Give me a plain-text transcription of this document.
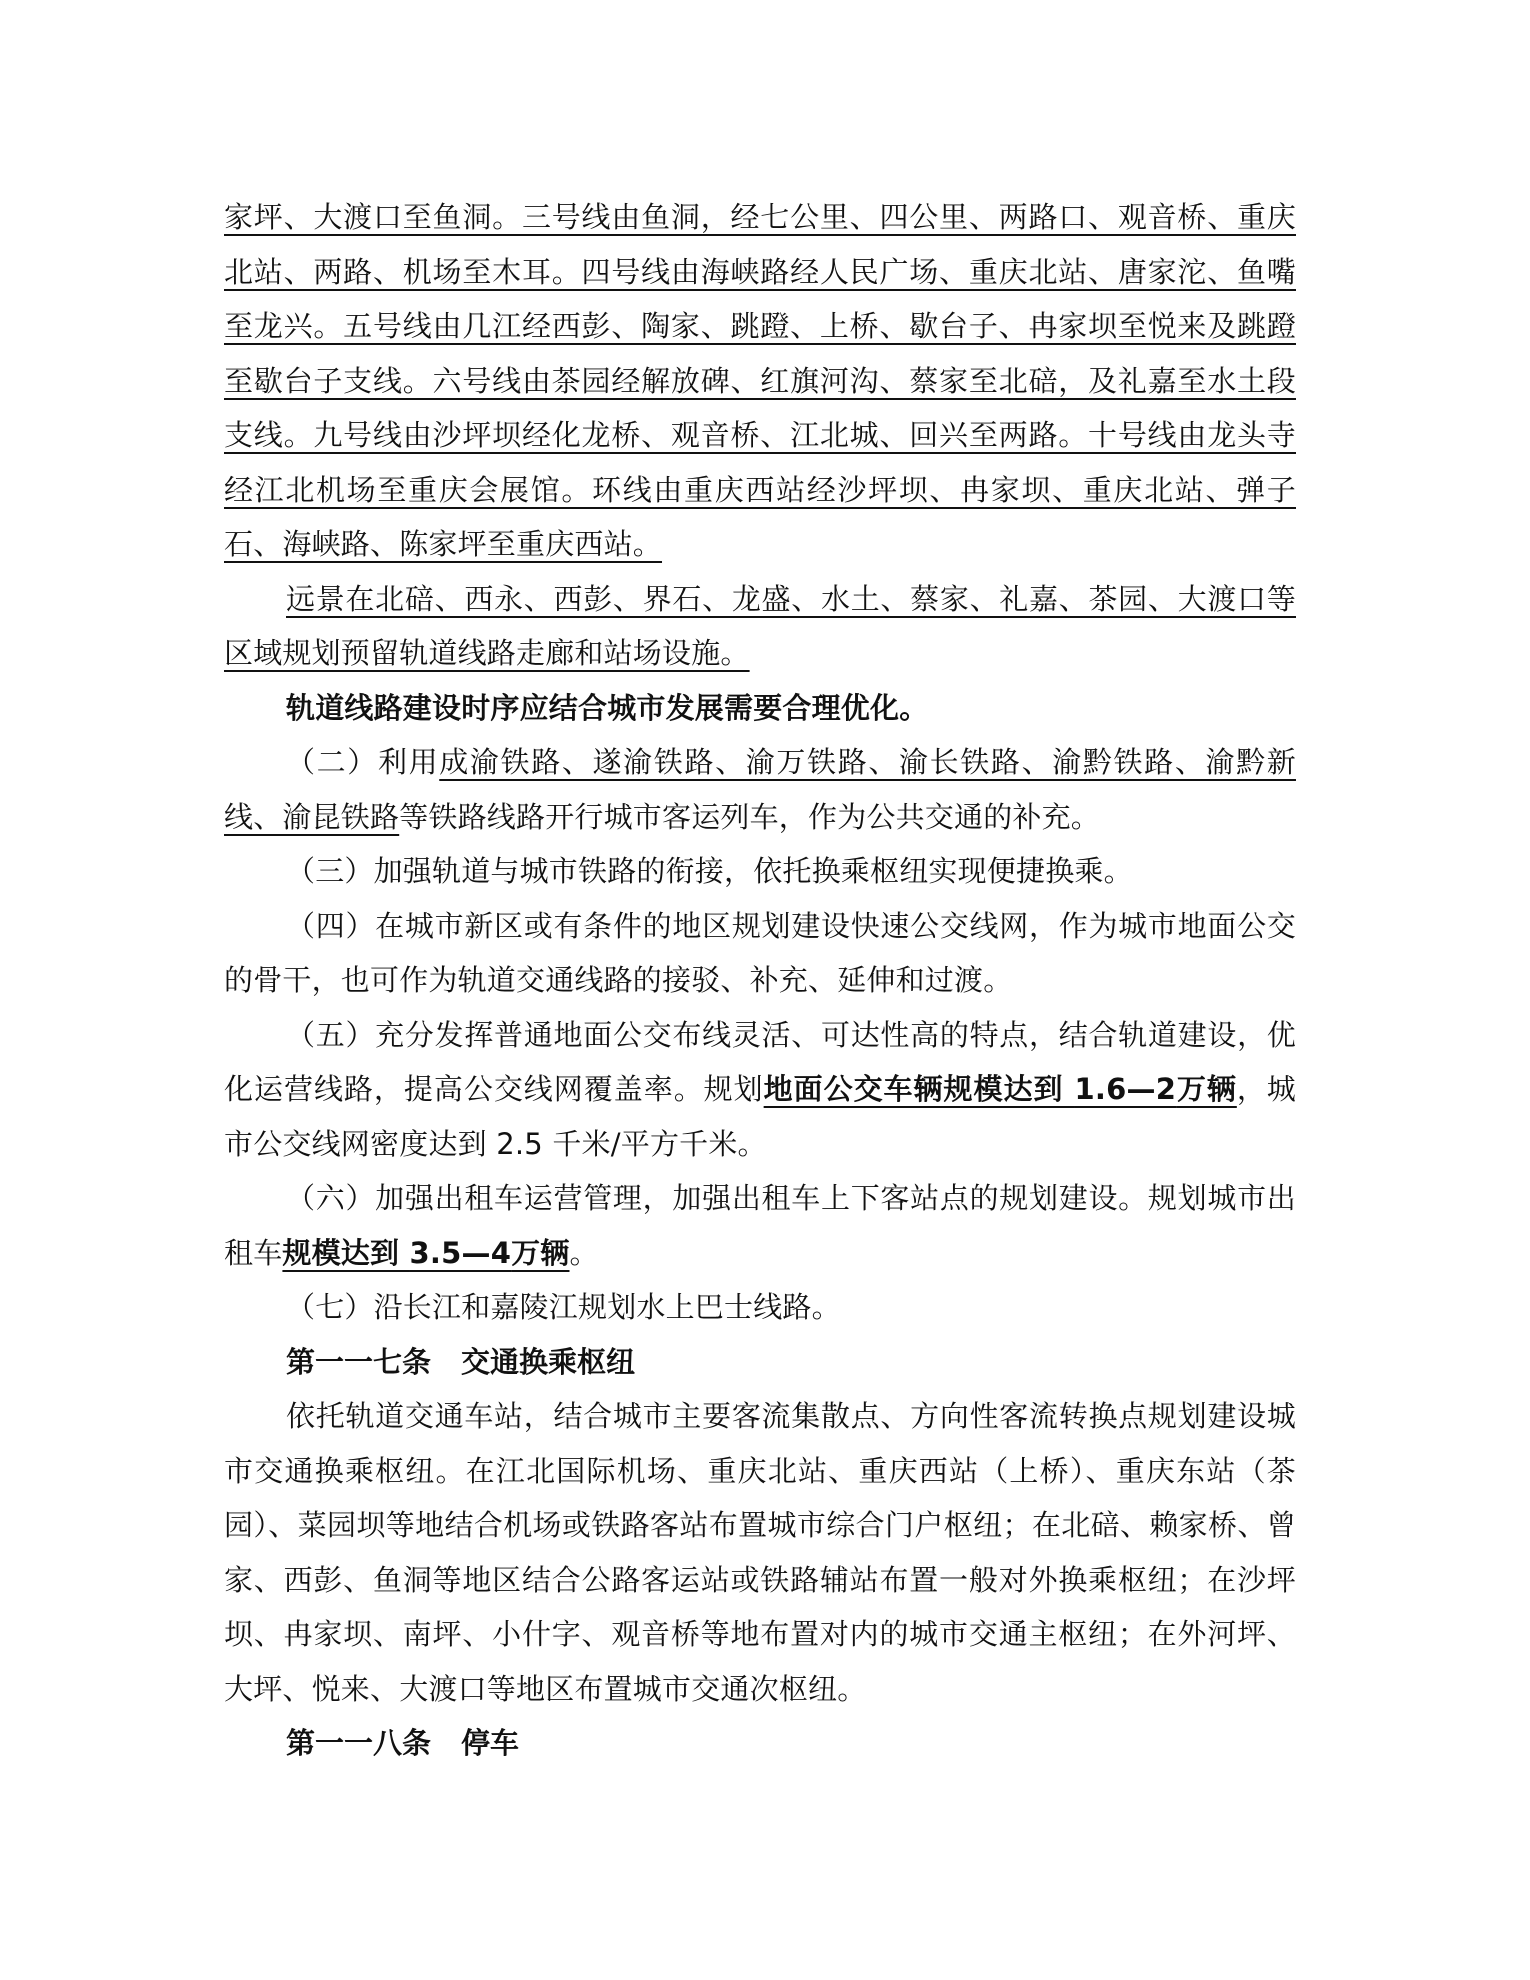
家坪、大渡口至鱼洞。三号线由鱼洞，经七公里、四公里、两路口、观音桥、重庆北站、两路、机场至木耳。四号线由海峡路经人民广场、重庆北站、唐家沱、鱼嘴至龙兴。五号线由几江经西彭、陶家、跳蹬、上桥、歇台子、冉家坝至悦来及跳蹬至歇台子支线。六号线由茶园经解放碑、红旗河沟、蔡家至北碚，及礼嘉至水土段支线。九号线由沙坪坝经化龙桥、观音桥、江北城、回兴至两路。十号线由龙头寺经江北机场至重庆会展馆。环线由重庆西站经沙坪坝、冉家坝、重庆北站、弹子石、海峡路、陈家坪至重庆西站。

远景在北碚、西永、西彭、界石、龙盛、水土、蔡家、礼嘉、茶园、大渡口等区域规划预留轨道线路走廊和站场设施。

轨道线路建设时序应结合城市发展需要合理优化。

（二）利用成渝铁路、遂渝铁路、渝万铁路、渝长铁路、渝黔铁路、渝黔新线、渝昆铁路等铁路线路开行城市客运列车，作为公共交通的补充。

（三）加强轨道与城市铁路的衔接，依托换乘枢纽实现便捷换乘。

（四）在城市新区或有条件的地区规划建设快速公交线网，作为城市地面公交的骨干，也可作为轨道交通线路的接驳、补充、延伸和过渡。

（五）充分发挥普通地面公交布线灵活、可达性高的特点，结合轨道建设，优化运营线路，提高公交线网覆盖率。规划地面公交车辆规模达到 1.6—2万辆，城市公交线网密度达到 2.5 千米/平方千米。

（六）加强出租车运营管理，加强出租车上下客站点的规划建设。规划城市出租车规模达到 3.5—4万辆。

（七）沿长江和嘉陵江规划水上巴士线路。

第一一七条 交通换乘枢纽

依托轨道交通车站，结合城市主要客流集散点、方向性客流转换点规划建设城市交通换乘枢纽。在江北国际机场、重庆北站、重庆西站（上桥）、重庆东站（茶园）、菜园坝等地结合机场或铁路客站布置城市综合门户枢纽；在北碚、赖家桥、曾家、西彭、鱼洞等地区结合公路客运站或铁路辅站布置一般对外换乘枢纽；在沙坪坝、冉家坝、南坪、小什字、观音桥等地布置对内的城市交通主枢纽；在外河坪、大坪、悦来、大渡口等地区布置城市交通次枢纽。

第一一八条 停车
